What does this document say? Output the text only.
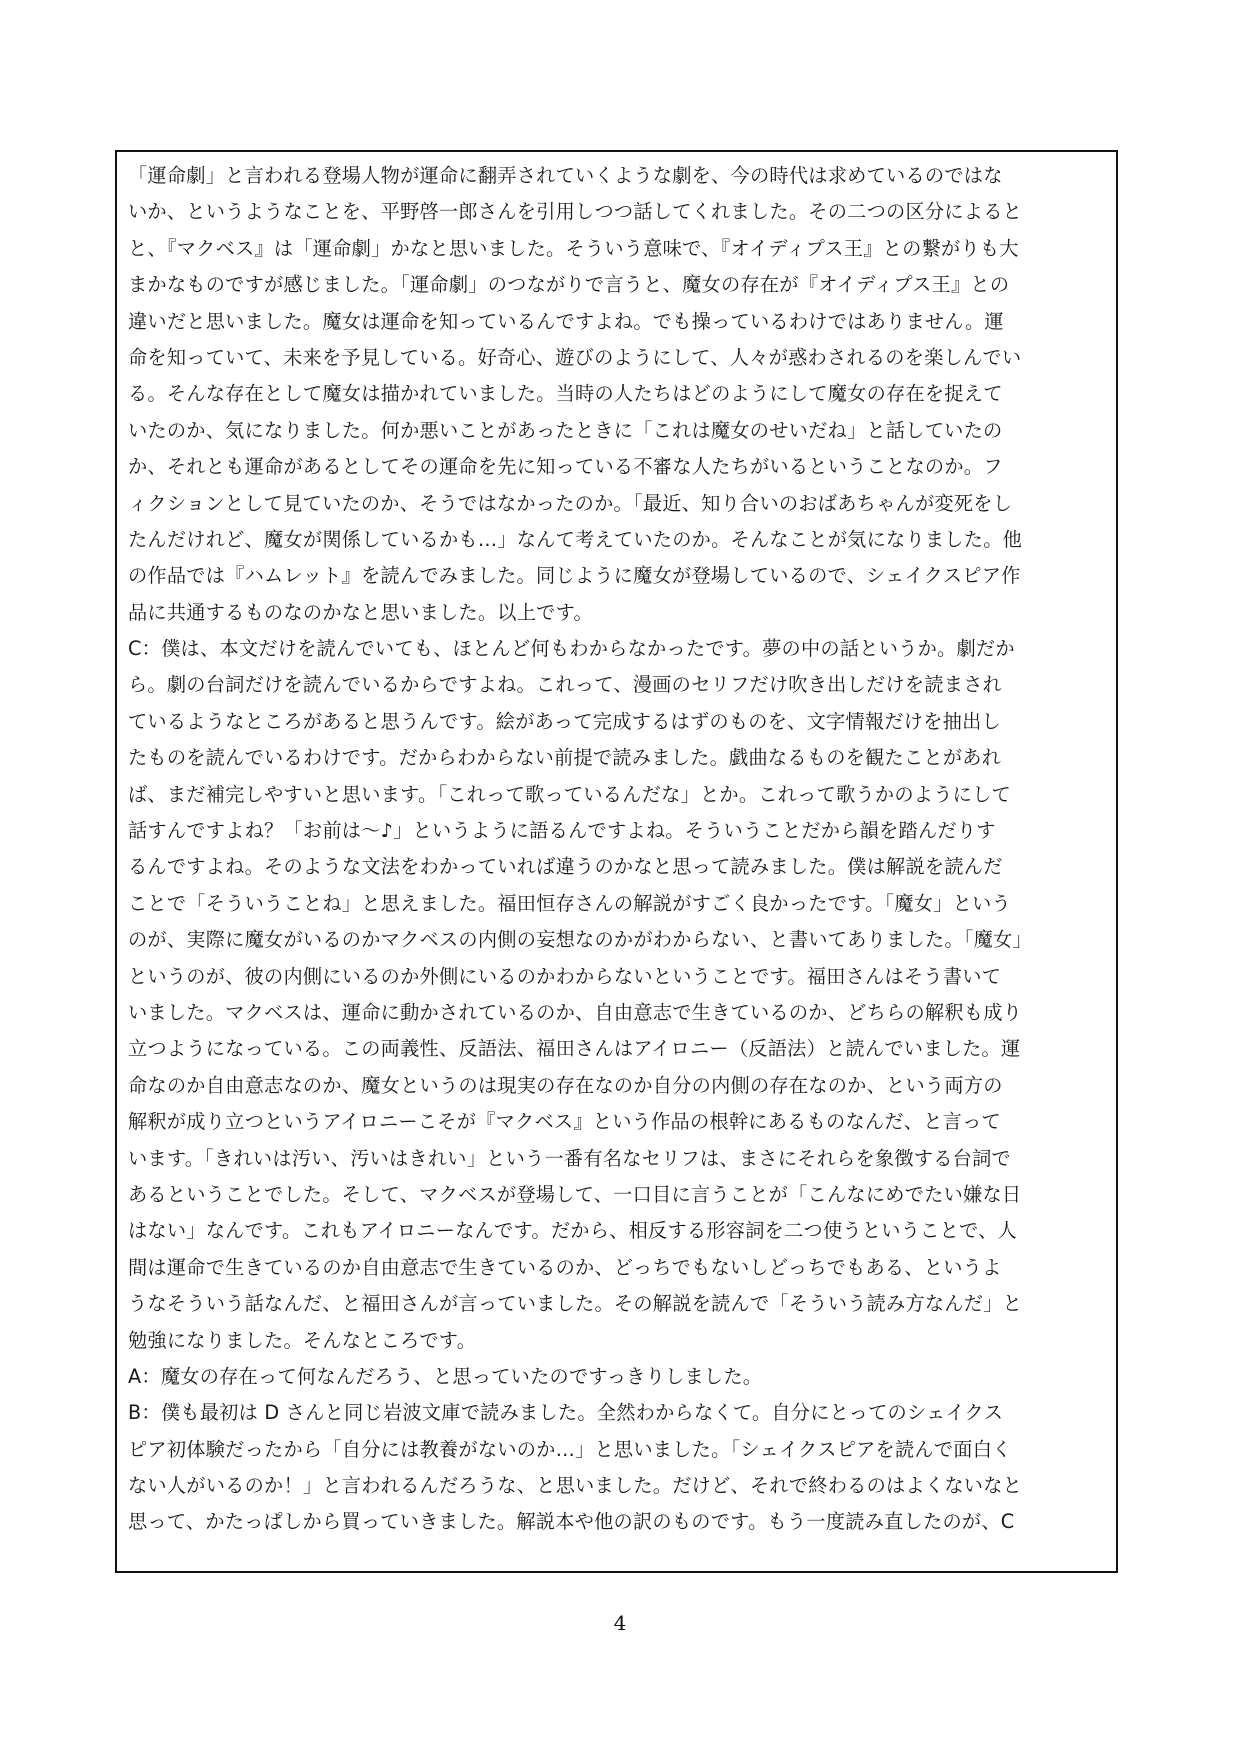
「運命劇」と言われる登場人物が運命に翻弄されていくような劇を、今の時代は求めているのではな
いか、というようなことを、平野啓一郎さんを引用しつつ話してくれました。その二つの区分によると
と、『マクベス』は「運命劇」かなと思いました。そういう意味で、『オイディプス王』との繋がりも大
まかなものですが感じました。「運命劇」のつながりで言うと、魔女の存在が『オイディプス王』との
違いだと思いました。魔女は運命を知っているんですよね。でも操っているわけではありません。運
命を知っていて、未来を予見している。好奇心、遊びのようにして、人々が惑わされるのを楽しんでい
る。そんな存在として魔女は描かれていました。当時の人たちはどのようにして魔女の存在を捉えて
いたのか、気になりました。何か悪いことがあったときに「これは魔女のせいだね」と話していたの
か、それとも運命があるとしてその運命を先に知っている不審な人たちがいるということなのか。フ
ィクションとして見ていたのか、そうではなかったのか。「最近、知り合いのおばあちゃんが変死をし
たんだけれど、魔女が関係しているかも…」なんて考えていたのか。そんなことが気になりました。他
の作品では『ハムレット』を読んでみました。同じように魔女が登場しているので、シェイクスピア作
品に共通するものなのかなと思いました。以上です。
C：僕は、本文だけを読んでいても、ほとんど何もわからなかったです。夢の中の話というか。劇だか
ら。劇の台詞だけを読んでいるからですよね。これって、漫画のセリフだけ吹き出しだけを読まされ
ているようなところがあると思うんです。絵があって完成するはずのものを、文字情報だけを抽出し
たものを読んでいるわけです。だからわからない前提で読みました。戯曲なるものを観たことがあれ
ば、まだ補完しやすいと思います。「これって歌っているんだな」とか。これって歌うかのようにして
話すんですよね？「お前は〜♪」というように語るんですよね。そういうことだから韻を踏んだりす
るんですよね。そのような文法をわかっていれば違うのかなと思って読みました。僕は解説を読んだ
ことで「そういうことね」と思えました。福田恒存さんの解説がすごく良かったです。「魔女」という
のが、実際に魔女がいるのかマクベスの内側の妄想なのかがわからない、と書いてありました。「魔女」
というのが、彼の内側にいるのか外側にいるのかわからないということです。福田さんはそう書いて
いました。マクベスは、運命に動かされているのか、自由意志で生きているのか、どちらの解釈も成り
立つようになっている。この両義性、反語法、福田さんはアイロニー（反語法）と読んでいました。運
命なのか自由意志なのか、魔女というのは現実の存在なのか自分の内側の存在なのか、という両方の
解釈が成り立つというアイロニーこそが『マクベス』という作品の根幹にあるものなんだ、と言って
います。「きれいは汚い、汚いはきれい」という一番有名なセリフは、まさにそれらを象徴する台詞で
あるということでした。そして、マクベスが登場して、一口目に言うことが「こんなにめでたい嫌な日
はない」なんです。これもアイロニーなんです。だから、相反する形容詞を二つ使うということで、人
間は運命で生きているのか自由意志で生きているのか、どっちでもないしどっちでもある、というよ
うなそういう話なんだ、と福田さんが言っていました。その解説を読んで「そういう読み方なんだ」と
勉強になりました。そんなところです。
A：魔女の存在って何なんだろう、と思っていたのですっきりしました。
B：僕も最初は D さんと同じ岩波文庫で読みました。全然わからなくて。自分にとってのシェイクス
ピア初体験だったから「自分には教養がないのか…」と思いました。「シェイクスピアを読んで面白く
ない人がいるのか！」と言われるんだろうな、と思いました。だけど、それで終わるのはよくないなと
思って、かたっぱしから買っていきました。解説本や他の訳のものです。もう一度読み直したのが、C
4
